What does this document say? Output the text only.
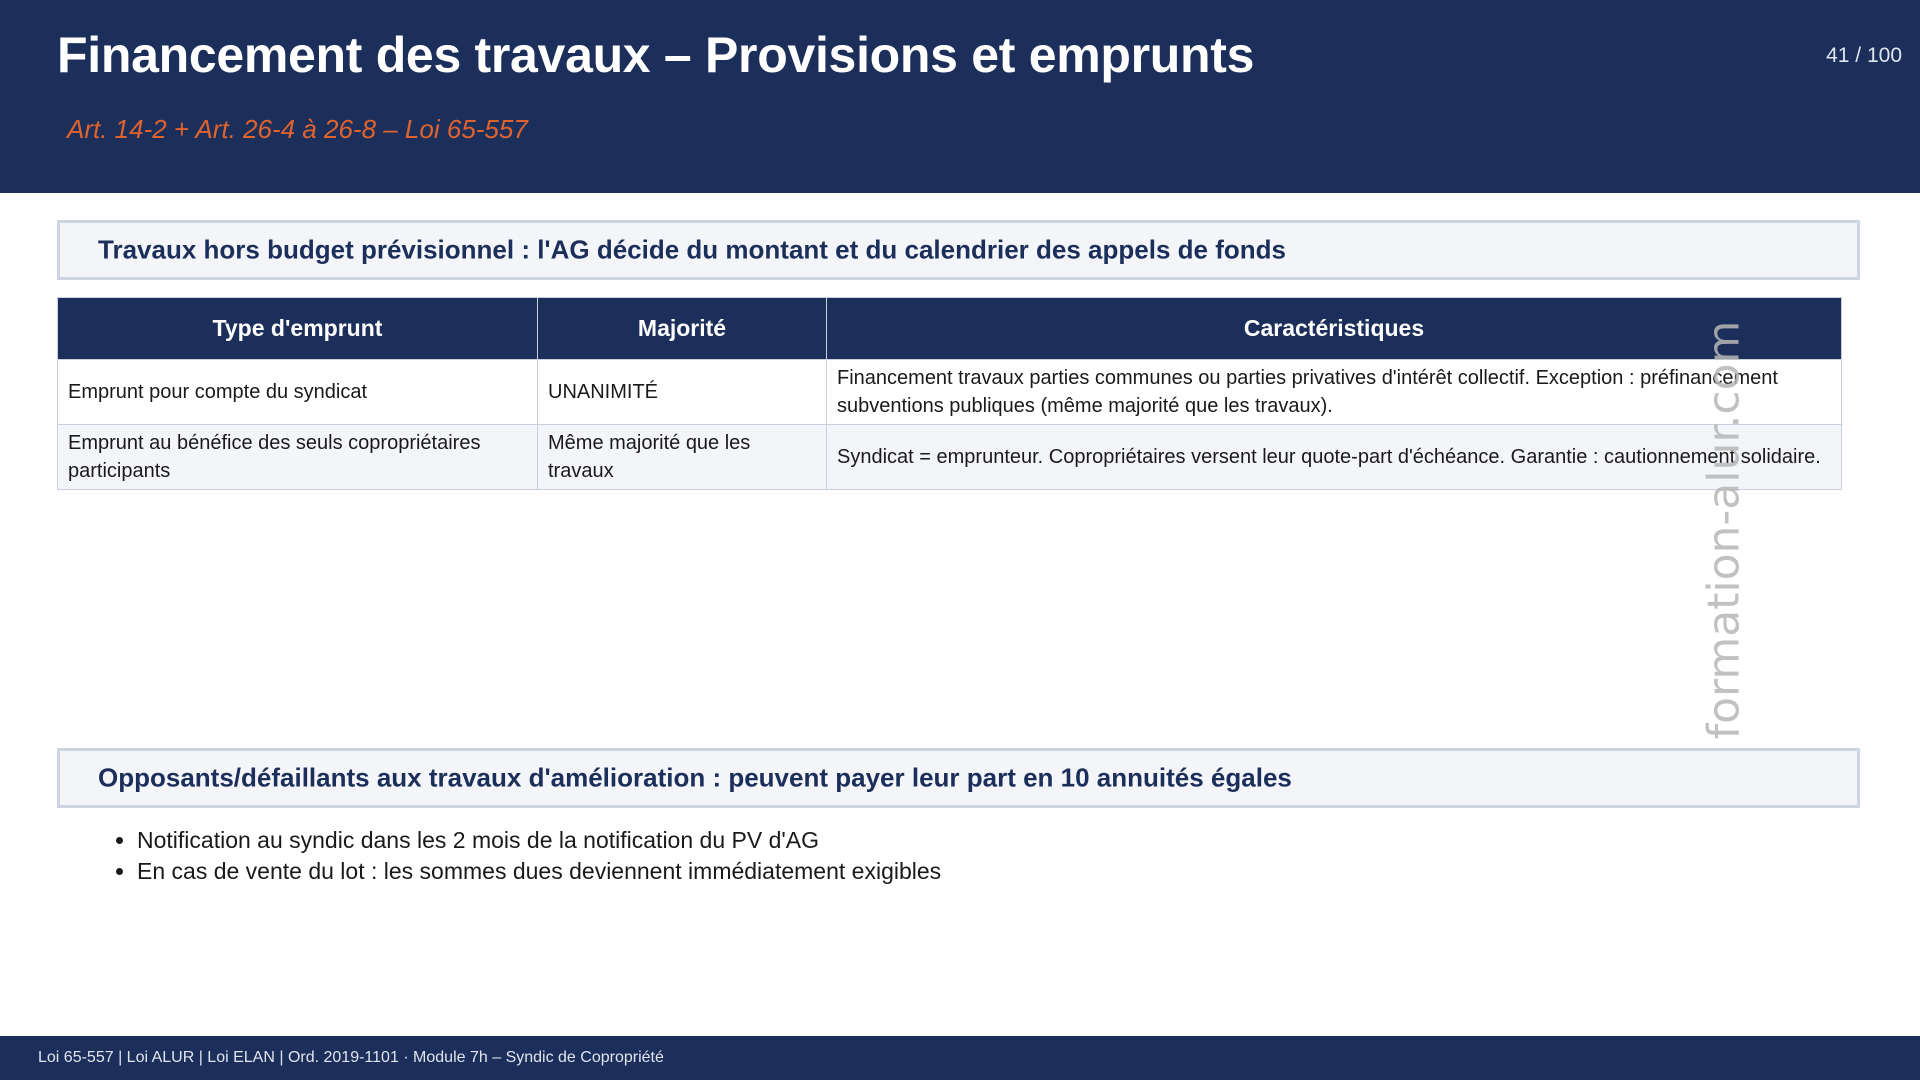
Financement des travaux – Provisions et emprunts
Art. 14-2 + Art. 26-4 à 26-8 – Loi 65-557
41 / 100
Travaux hors budget prévisionnel : l'AG décide du montant et du calendrier des appels de fonds
Type d'emprunt	Majorité	Caractéristiques
Emprunt pour compte du syndicat	UNANIMITÉ	Financement travaux parties communes ou parties privatives d'intérêt collectif. Exception : préfinancement subventions publiques (même majorité que les travaux).
Emprunt au bénéfice des seuls copropriétaires participants	Même majorité que les travaux	Syndicat = emprunteur. Copropriétaires versent leur quote-part d'échéance. Garantie : cautionnement solidaire.
formation-alur.com
Opposants/défaillants aux travaux d'amélioration : peuvent payer leur part en 10 annuités égales
• Notification au syndic dans les 2 mois de la notification du PV d'AG
• En cas de vente du lot : les sommes dues deviennent immédiatement exigibles
Loi 65-557 | Loi ALUR | Loi ELAN | Ord. 2019-1101 · Module 7h – Syndic de Copropriété
